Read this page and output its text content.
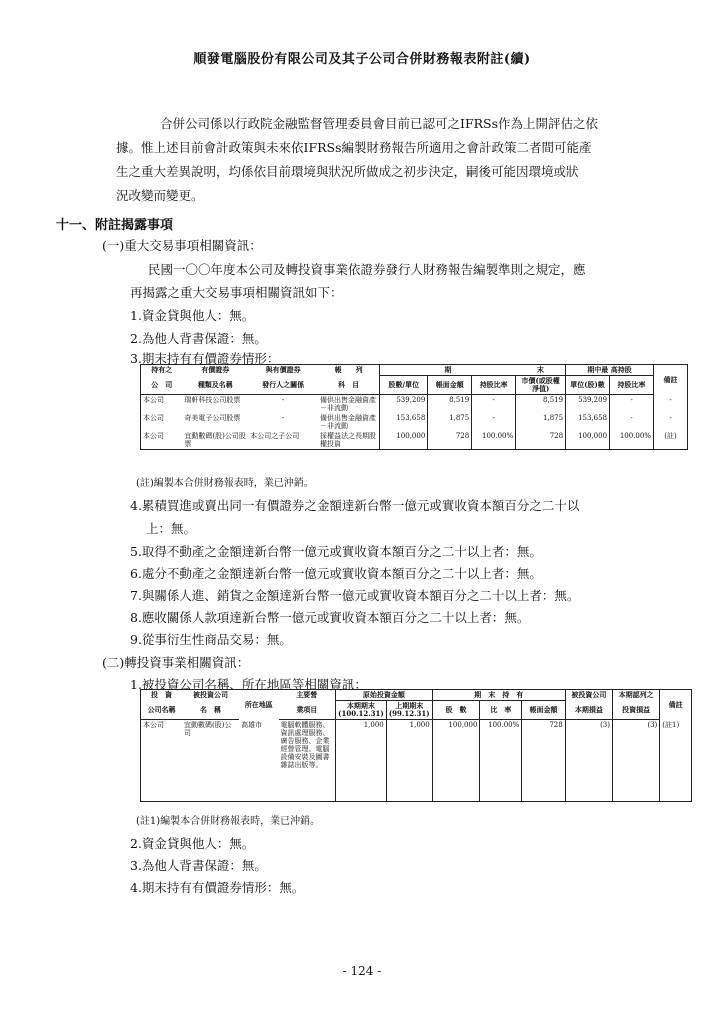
順發電腦股份有限公司及其子公司合併財務報表附註(續)
合併公司係以行政院金融監督管理委員會目前已認可之IFRSs作為上開評估之依
據。惟上述目前會計政策與未來依IFRSs編製財務報告所適用之會計政策二者間可能產
生之重大差異說明，均係依目前環境與狀況所做成之初步決定，嗣後可能因環境或狀
況改變而變更。
十一、附註揭露事項
(一)重大交易事項相關資訊：
民國一〇〇年度本公司及轉投資事業依證券發行人財務報告編製準則之規定，應
再揭露之重大交易事項相關資訊如下：
1.資金貸與他人：無。
2.為他人背書保證：無。
3.期末持有有價證券情形：
持有之	有價證券	與有價證券	帳　　列	期			末	期中最 高持股		備註
公　司	種類及名稱	發行人之關係	科　目	股數/單位	帳面金額	持股比率	市價(或股權淨值)	單位(股)數	持股比率	
本公司	瑞軒科技公司股票	-	備供出售金融資產－非流動	539,209	8,519	-	8,519	539,209	-	-
本公司	奇美電子公司股票	-	備供出售金融資產－非流動	153,658	1,875	-	1,875	153,658	-	-
本公司	宜動數碼(股)公司股票	本公司之子公司	採權益法之長期股權投資	100,000	728	100.00%	728	100,000	100.00%	(註)
(註)編製本合併財務報表時，業已沖銷。
4.累積買進或賣出同一有價證券之金額達新台幣一億元或實收資本額百分之二十以
上：無。
5.取得不動產之金額達新台幣一億元或實收資本額百分之二十以上者：無。
6.處分不動產之金額達新台幣一億元或實收資本額百分之二十以上者：無。
7.與關係人進、銷貨之金額達新台幣一億元或實收資本額百分之二十以上者：無。
8.應收關係人款項達新台幣一億元或實收資本額百分之二十以上者：無。
9.從事衍生性商品交易：無。
(二)轉投資事業相關資訊：
1.被投資公司名稱、所在地區等相關資訊：
投　資	被投資公司	所在地區	主要營	原始投資金額		期　末　持　有			被投資公司	本期認列之	備註
公司名稱	名　稱		業項目	本期期末 (100.12.31)	上期期末 (99.12.31)	股　數	比　率	帳面金額	本期損益	投資損益	
本公司	宜動數碼(股)公司	高雄市	電腦軟體服務、資訊處理服務、廣告服務、企業經營管理、電腦設備安裝及圖書雜誌出版等。	1,000	1,000	100,000	100.00%	728	(3)	(3)	(註1)
(註1)編製本合併財務報表時，業已沖銷。
2.資金貸與他人：無。
3.為他人背書保證：無。
4.期末持有有價證券情形：無。
- 124 -
